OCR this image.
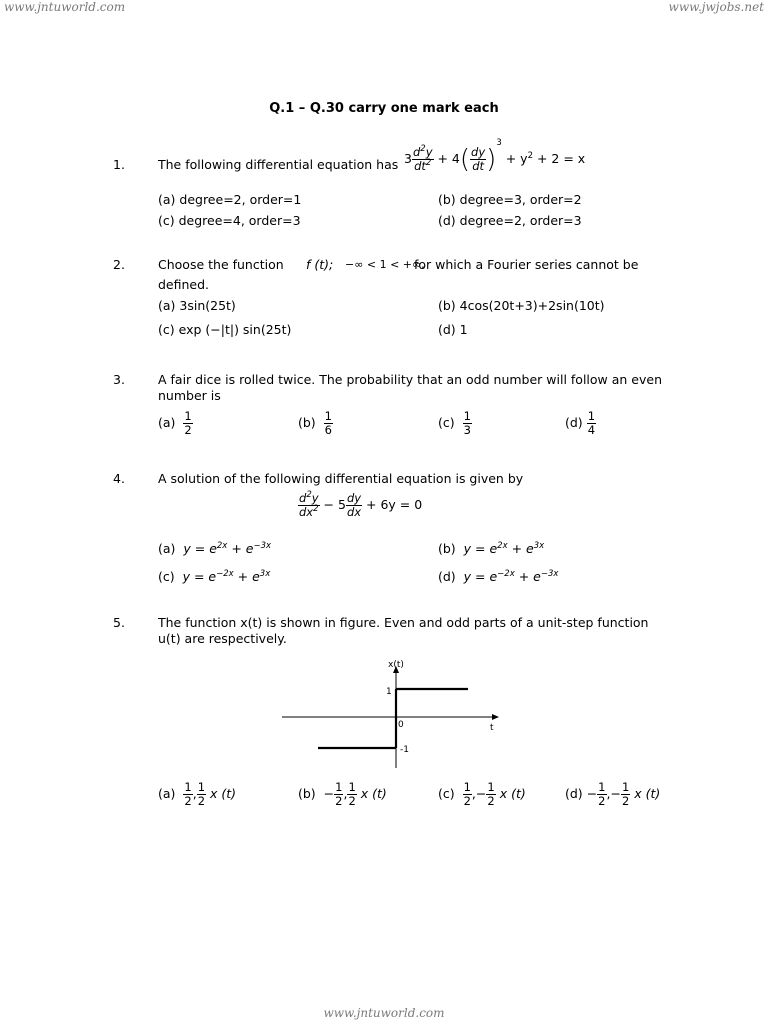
www.jntuworld.com	www.jwjobs.net
www.jntuworld.com
Q.1 – Q.30 carry one mark each
1.	The following differential equation has $3 \frac{d^2y}{dt^2} + 4( \frac{dy}{dt} )^3 + y^2 + 2 = x$
(a) degree=2, order=1	(b) degree=3, order=2
(c) degree=4, order=3	(d) degree=2, order=3
2.	Choose the function f (t); −∞ < 1 < +∞,
for which a Fourier series cannot be
defined.
(a) 3sin(25t)	(b) 4cos(20t+3)+2sin(10t)
(c) exp (−|t|) sin(25t)	(d) 1
3.	A fair dice is rolled twice. The probability that an odd number will follow an even
number is
$(a) \frac{1}{2}$	$(b) \frac{1}{6}$	$(c) \frac{1}{3}$	$(d) \frac{1}{4}$
4.	A solution of the following differential equation is given by
$\frac{d^2y}{dx^2} - 5 \frac{dy}{dx} + 6y = 0$
(a) $y = e^{2x} + e^{-3x}$	(b) $y = e^{2x} + e^{3x}$
(c) $y = e^{-2x} + e^{3x}$	(d) $y = e^{-2x} + e^{-3x}$
5.	The function x(t) is shown in figure. Even and odd parts of a unit-step function
u(t) are respectively.
x(t)
t
0
1
-1
$(a) \frac{1}{2}$ , $\frac{1}{2}$ x (t)	$(b) - \frac{1}{2}$ , $\frac{1}{2}$ x (t)	$(c) \frac{1}{2}$ ,− $\frac{1}{2}$ x (t)	$(d) - \frac{1}{2}$ ,− $\frac{1}{2}$ x (t)
